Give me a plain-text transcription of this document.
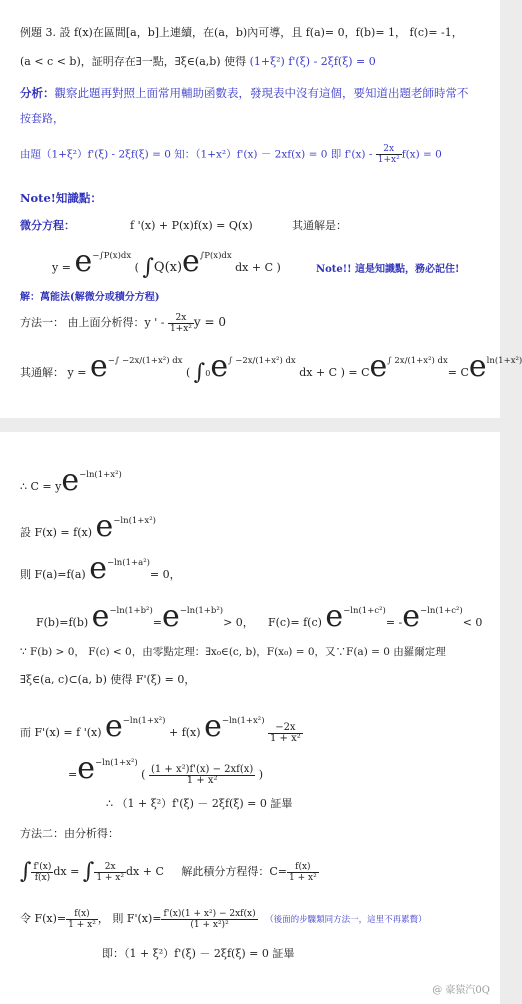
例題 3. 設 f(x)在區間[a，b]上連續，在(a，b)內可導，且 f(a)= 0，f(b)= 1， f(c)= -1，
(a < c < b)，証明存在∃一點，∃ξ∈(a,b) 使得 (1+ξ²) f'(ξ) - 2ξf(ξ) = 0
分析：觀察此題再對照上面常用輔助函數表，發現表中沒有這個，要知道出題老師時常不
按套路，
由題（1+ξ²）f'(ξ) - 2ξf(ξ) = 0 知：（1+x²）f'(x) － 2xf(x) = 0 即 $f'(x) - \frac{2x}{\text{1+x²}} f(x) = 0$
Note!知識點：
微分方程：	f '(x) + P(x)f(x) = Q(x)	其通解是：
$y = e^{-\int P(x)dx}$ ( $\int Q(x)e^{\int P(x)dx}$ dx + C )	Note!! 這是知識點，務必記住!
解：萬能法(解微分或積分方程)
方法一： 由上面分析得：y ' - $\frac{2x}{\text{1+x²}}$ y = 0
其通解： $y = e^{-\int -2x/(1+x^2) dx}$ ( $\int 0e^{\int -2x/(1+x^2) dx}$ dx + C ) = $Ce^{\int 2x/(1+x^2) dx}= Ce^{ln(1+x^2)}$
∴ $C = ye^{-ln(1+x^2)}$
設 F(x) = f(x) $e^{-ln(1+x^2)}$
則 F(a)=f(a) $e^{-ln(1+a^2)}= 0$，
F(b)=f(b) $e^{-ln(1+b^2)}=e^{-ln(1+b^2)}> 0$， F(c)= f(c) $e^{-ln(1+c^2)}= -e^{-ln(1+c^2)}< 0$
∵ F(b) > 0， F(c) < 0，由零點定理：∃x₀∈(c, b)，F(x₀) = 0，又∵F(a) = 0 由羅爾定理
∃ξ∈(a, c)⊂(a, b) 使得 F'(ξ) = 0，
而 F'(x) = f '(x) $e^{-ln(1+x^2)} + f(x)$ $e^{-ln(1+x^2)}$
$\frac{-2x}{\text{1 + x²}}$
$=e^{-ln(1+x^2)}$ ( $\frac{\text{(1 + x²)f'(x) − 2xf(x)}}{\text{1 + x²}}$ )
∴ （1 + ξ²）f'(ξ) － 2ξf(ξ) = 0 証畢
方法二：由分析得：
∫ $\frac{f'(x)}{f(x)}$ dx = ∫ $\frac{2x}{\text{1 + x²}}$ dx + C 解此積分方程得：$C= \frac{f(x)}{\text{1 + x²}}$
令 $F(x)= \frac{f(x)}{\text{1 + x²}}$ ， 則 $F'(x)= \frac{\text{f'(x)(1 + x²) − 2xf(x)}}{\text{(1 + x²)²}}$ （後面的步驟類同方法一，這里不再累贅）
即：（1 + ξ²）f'(ξ) － 2ξf(ξ) = 0 証畢
@ 豪猿汽0Q
